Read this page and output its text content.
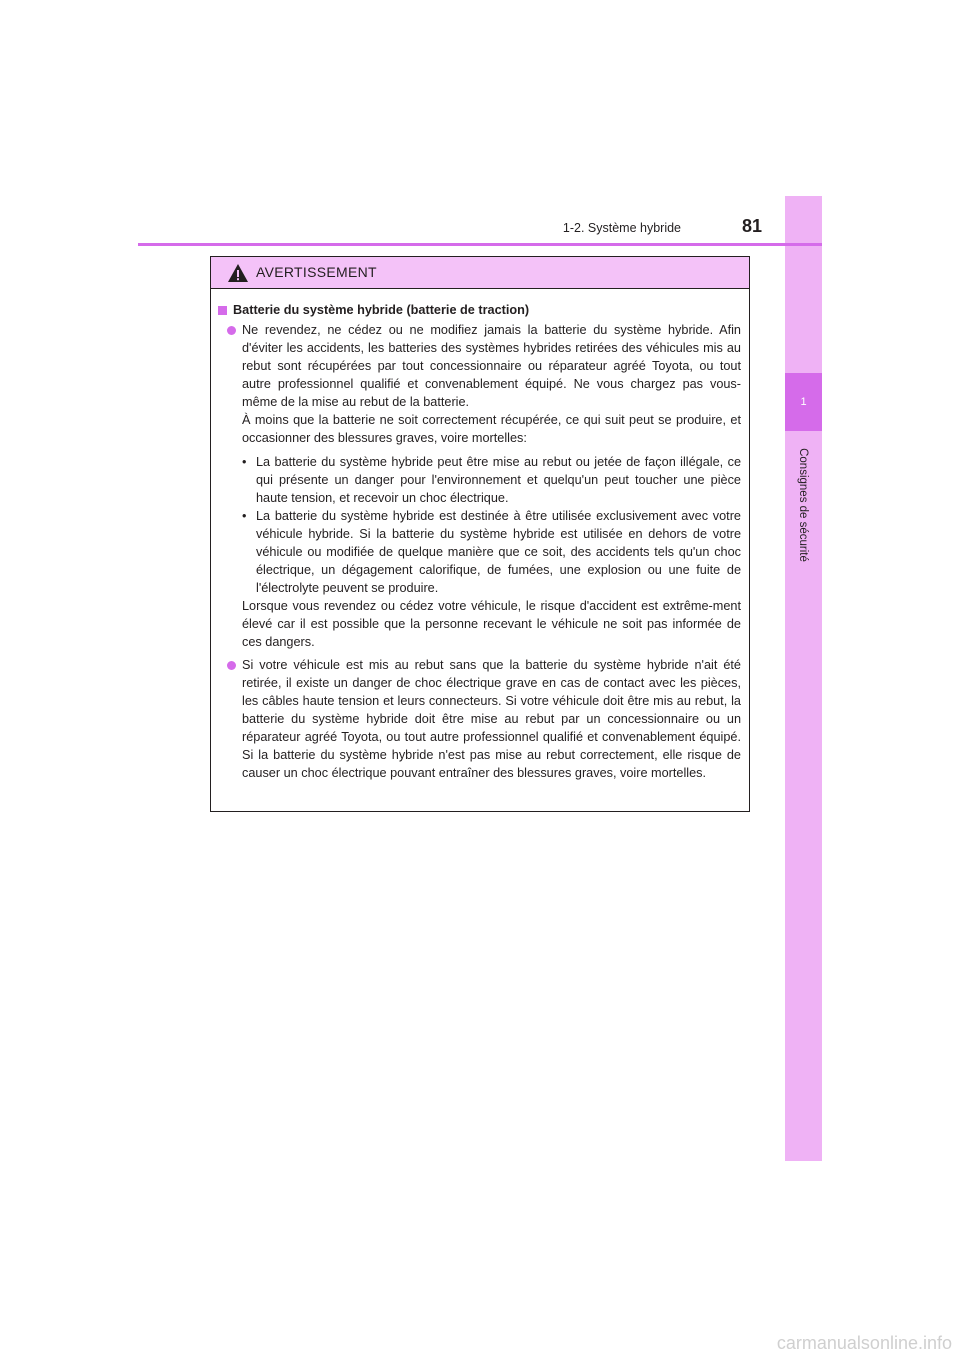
1
Consignes de sécurité
1-2. Système hybride	81
AVERTISSEMENT
Batterie du système hybride (batterie de traction)

Ne revendez, ne cédez ou ne modifiez jamais la batterie du système hybride. Afin d'éviter les accidents, les batteries des systèmes hybrides retirées des véhicules mis au rebut sont récupérées par tout concessionnaire ou réparateur agréé Toyota, ou tout autre professionnel qualifié et convenablement équipé. Ne vous chargez pas vous-même de la mise au rebut de la batterie.

À moins que la batterie ne soit correctement récupérée, ce qui suit peut se produire, et occasionner des blessures graves, voire mortelles:

• La batterie du système hybride peut être mise au rebut ou jetée de façon illégale, ce qui présente un danger pour l'environnement et quelqu'un peut toucher une pièce haute tension, et recevoir un choc électrique.
• La batterie du système hybride est destinée à être utilisée exclusivement avec votre véhicule hybride. Si la batterie du système hybride est utilisée en dehors de votre véhicule ou modifiée de quelque manière que ce soit, des accidents tels qu'un choc électrique, un dégagement calorifique, de fumées, une explosion ou une fuite de l'électrolyte peuvent se produire.

Lorsque vous revendez ou cédez votre véhicule, le risque d'accident est extrême-ment élevé car il est possible que la personne recevant le véhicule ne soit pas informée de ces dangers.

Si votre véhicule est mis au rebut sans que la batterie du système hybride n'ait été retirée, il existe un danger de choc électrique grave en cas de contact avec les pièces, les câbles haute tension et leurs connecteurs. Si votre véhicule doit être mis au rebut, la batterie du système hybride doit être mise au rebut par un concessionnaire ou un réparateur agréé Toyota, ou tout autre professionnel qualifié et convenablement équipé. Si la batterie du système hybride n'est pas mise au rebut correctement, elle risque de causer un choc électrique pouvant entraîner des blessures graves, voire mortelles.

carmanualsonline.info
